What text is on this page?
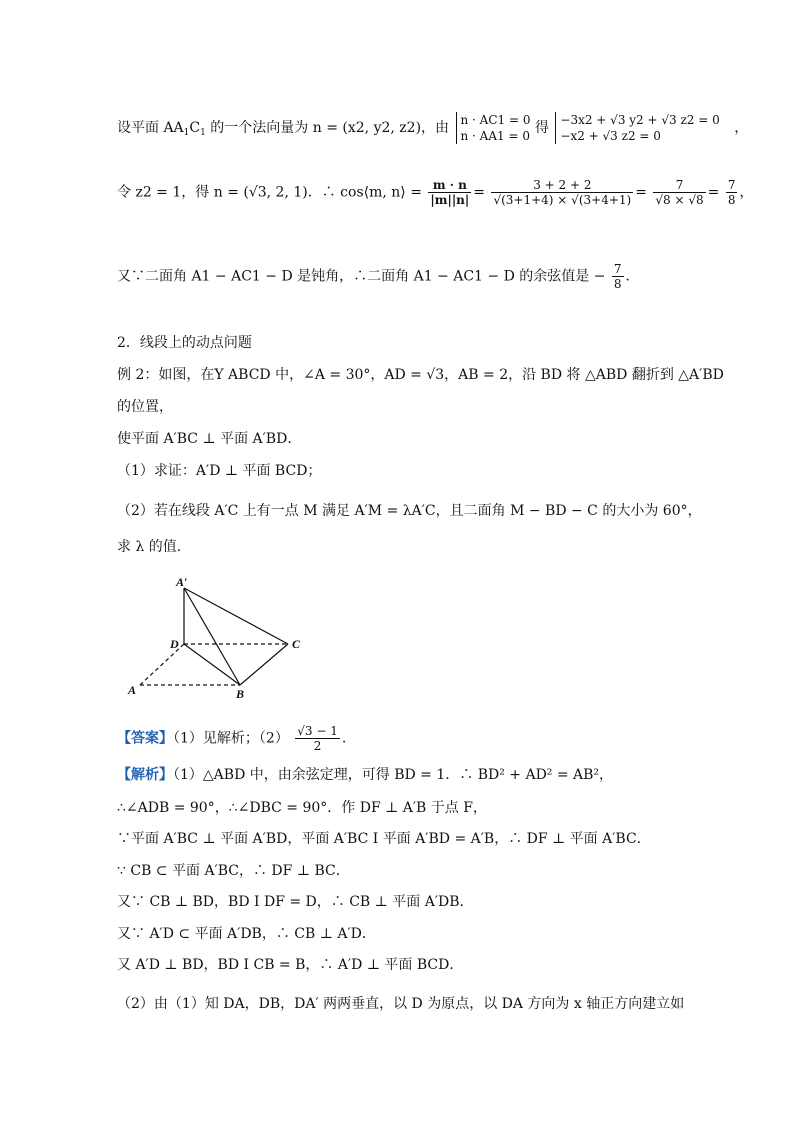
设平面 $AA_1C_1$ 的一个法向量为 n = (x2, y2, z2)，由 n · AC1 = 0
n · AA1 = 0 得 −3x2 + √3 y2 + √3 z2 = 0
−x2 + √3 z2 = 0	，
令 z2 = 1，得 n = (√3, 2, 1)．∴ cos⟨m, n⟩ = $\frac{m \cdot n}{|m||n|} = \frac{3 + 2 + 2}{√(3+1+4) \times √(3+4+1)} = \frac{7}{√8 \times √8} = \frac{7}{8}$ ，
又∵二面角 A1 − AC1 − D 是钝角，∴二面角 A1 − AC1 − D 的余弦值是 − $\frac{7}{8}$ ．
2．线段上的动点问题
例 2：如图，在Y ABCD 中，∠A = 30°，AD = √3，AB = 2，沿 BD 将 △ABD 翻折到 △A′BD
的位置，
使平面 A′BC ⊥ 平面 A′BD．
（1）求证：A′D ⊥ 平面 BCD；
（2）若在线段 A′C 上有一点 M 满足 A′M = λA′C，且二面角 M − BD − C 的大小为 60°，
求 λ 的值.
A′
D	C
A	B
【答案】（1）见解析；$(2) \frac{√3 - 1}{2}$ .
【解析】（1）△ABD 中，由余弦定理，可得 BD = 1．∴ BD² + AD² = AB²，
∴∠ADB = 90°，∴∠DBC = 90°．作 DF ⊥ A′B 于点 F，
∵平面 A′BC ⊥ 平面 A′BD，平面 A′BC I 平面 A′BD = A′B，∴ DF ⊥ 平面 A′BC．
∵ CB ⊂ 平面 A′BC，∴ DF ⊥ BC．
又∵ CB ⊥ BD，BD I DF = D，∴ CB ⊥ 平面 A′DB．
又∵ A′D ⊂ 平面 A′DB，∴ CB ⊥ A′D．
又 A′D ⊥ BD，BD I CB = B，∴ A′D ⊥ 平面 BCD．
（2）由（1）知 DA，DB，DA′ 两两垂直，以 D 为原点，以 DA 方向为 x 轴正方向建立如
